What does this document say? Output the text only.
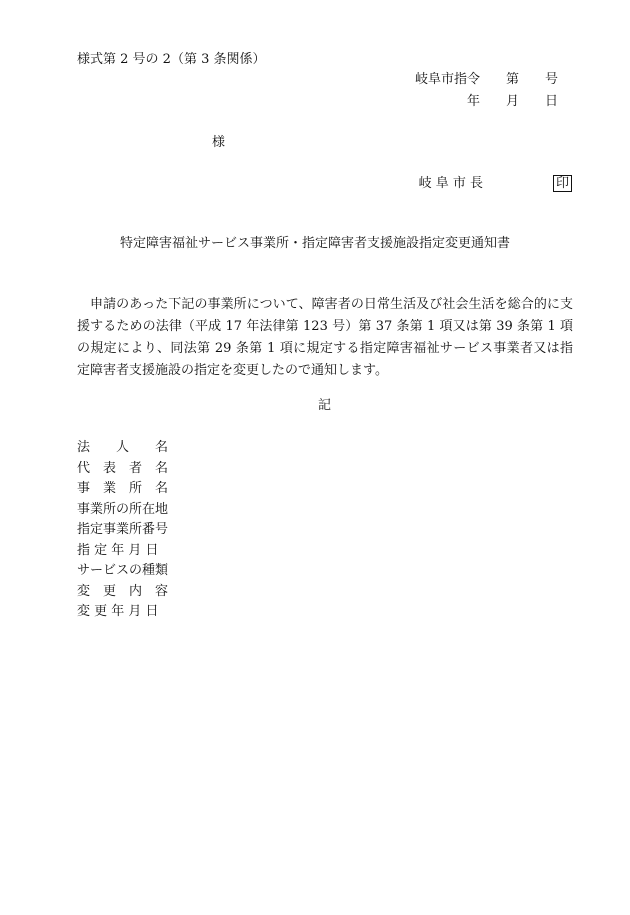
様式第 2 号の 2（第 3 条関係）
岐阜市指令　　第　　号
年　　月　　日
様
岐 阜 市 長	印
特定障害福祉サービス事業所・指定障害者支援施設指定変更通知書

申請のあった下記の事業所について、障害者の日常生活及び社会生活を総合的に支援するための法律（平成 17 年法律第 123 号）第 37 条第 1 項又は第 39 条第 1 項の規定により、同法第 29 条第 1 項に規定する指定障害福祉サービス事業者又は指定障害者支援施設の指定を変更したので通知します。

記
法　　人　　名
代　表　者　名
事　業　所　名
事業所の所在地
指定事業所番号
指 定 年 月 日
サービスの種類
変　更　内　容
変 更 年 月 日
